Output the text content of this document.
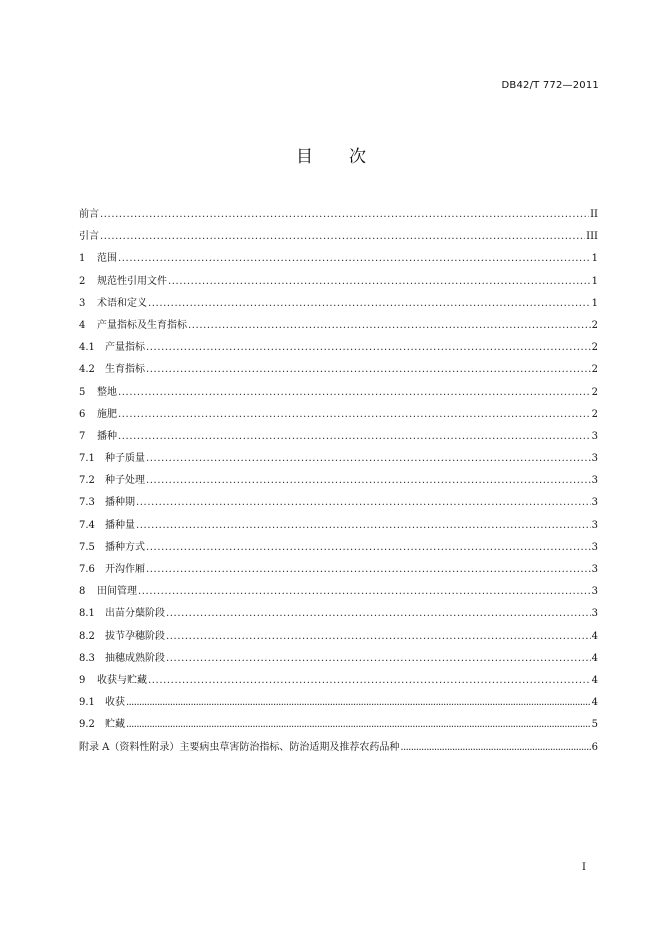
DB42/T 772—2011
目 次
前言 .....	II
引言 .....	III
1	范围 .....	1
2	规范性引用文件 .....	1
3	术语和定义 .....	1
4	产量指标及生育指标 .....	2
4.1	产量指标 .....	2
4.2	生育指标 .....	2
5	整地 .....	2
6	施肥 .....	2
7	播种 .....	3
7.1	种子质量 .....	3
7.2	种子处理 .....	3
7.3	播种期 .....	3
7.4	播种量 .....	3
7.5	播种方式 .....	3
7.6	开沟作厢 .....	3
8	田间管理 .....	3
8.1	出苗分蘖阶段 .....	3
8.2	拔节孕穗阶段 .....	4
8.3	抽穗成熟阶段 .....	4
9	收获与贮藏 .....	4
9.1	收获 .....	4
9.2	贮藏 .....	5
附录 A（资料性附录）主要病虫草害防治指标、防治适期及推荐农药品种 .....	6
I
